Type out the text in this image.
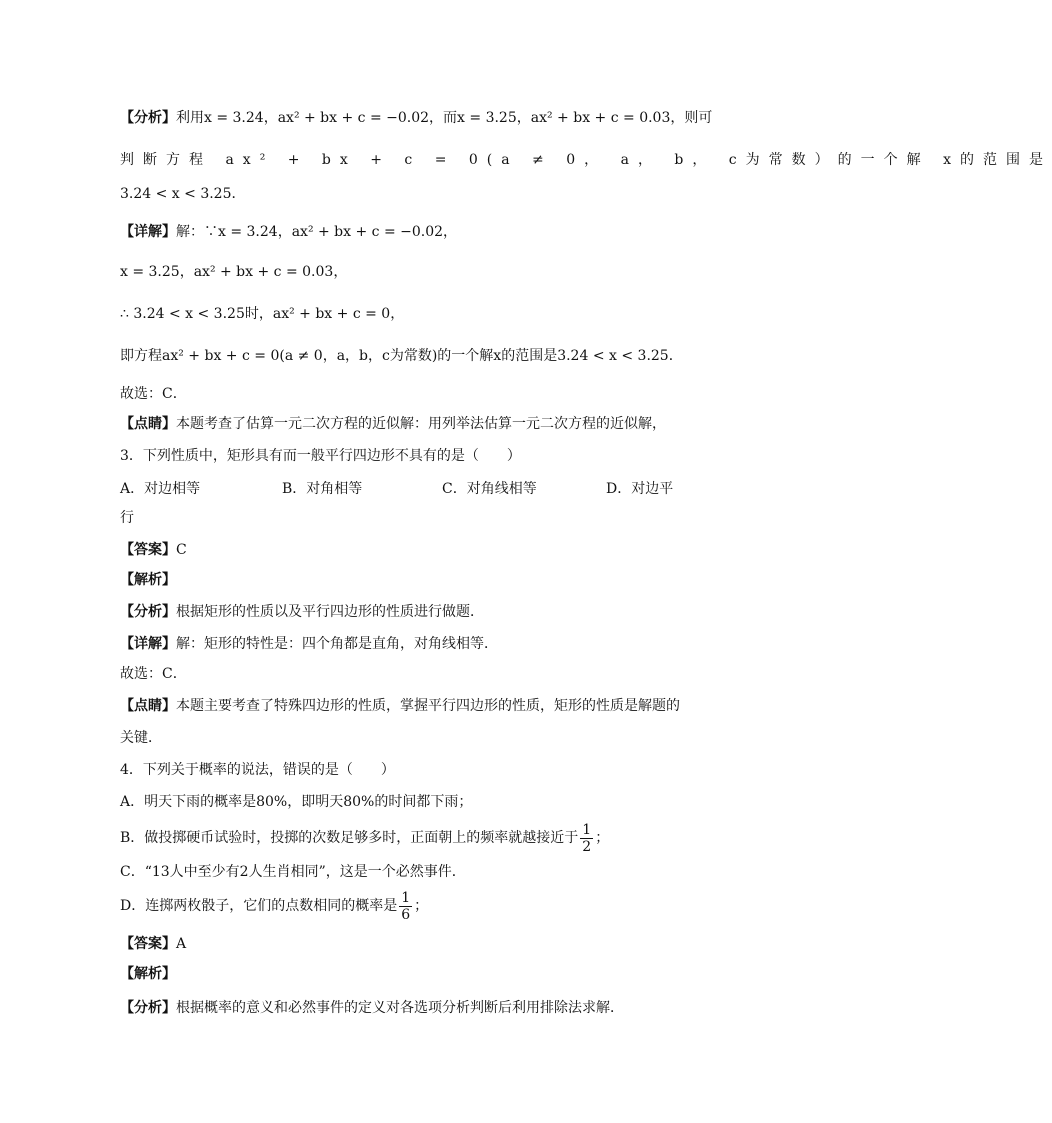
【分析】利用x = 3.24，ax² + bx + c = −0.02，而x = 3.25，ax² + bx + c = 0.03，则可
判断方程 ax² + bx + c = 0(a ≠ 0， a， b， c为常数）的一个解 x的范围是
3.24 < x < 3.25．
【详解】解：∵x = 3.24，ax² + bx + c = −0.02，
x = 3.25，ax² + bx + c = 0.03，
∴ 3.24 < x < 3.25时，ax² + bx + c = 0，
即方程ax² + bx + c = 0(a ≠ 0，a，b，c为常数)的一个解x的范围是3.24 < x < 3.25．
故选：C．
【点睛】本题考查了估算一元二次方程的近似解：用列举法估算一元二次方程的近似解，
3．下列性质中，矩形具有而一般平行四边形不具有的是（　　）
A．对边相等	B．对角相等	C．对角线相等	D．对边平
行
【答案】C
【解析】
【分析】根据矩形的性质以及平行四边形的性质进行做题．
【详解】解：矩形的特性是：四个角都是直角，对角线相等．
故选：C．
【点睛】本题主要考查了特殊四边形的性质，掌握平行四边形的性质，矩形的性质是解题的
关键．
4．下列关于概率的说法，错误的是（　　）
A．明天下雨的概率是80%，即明天80%的时间都下雨；
B．做投掷硬币试验时，投掷的次数足够多时，正面朝上的频率就越接近于 $\frac{1}{2}$ ；
C．“13人中至少有2人生肖相同”，这是一个必然事件．
D．连掷两枚骰子，它们的点数相同的概率是 $\frac{1}{6}$ ；
【答案】A
【解析】
【分析】根据概率的意义和必然事件的定义对各选项分析判断后利用排除法求解．
